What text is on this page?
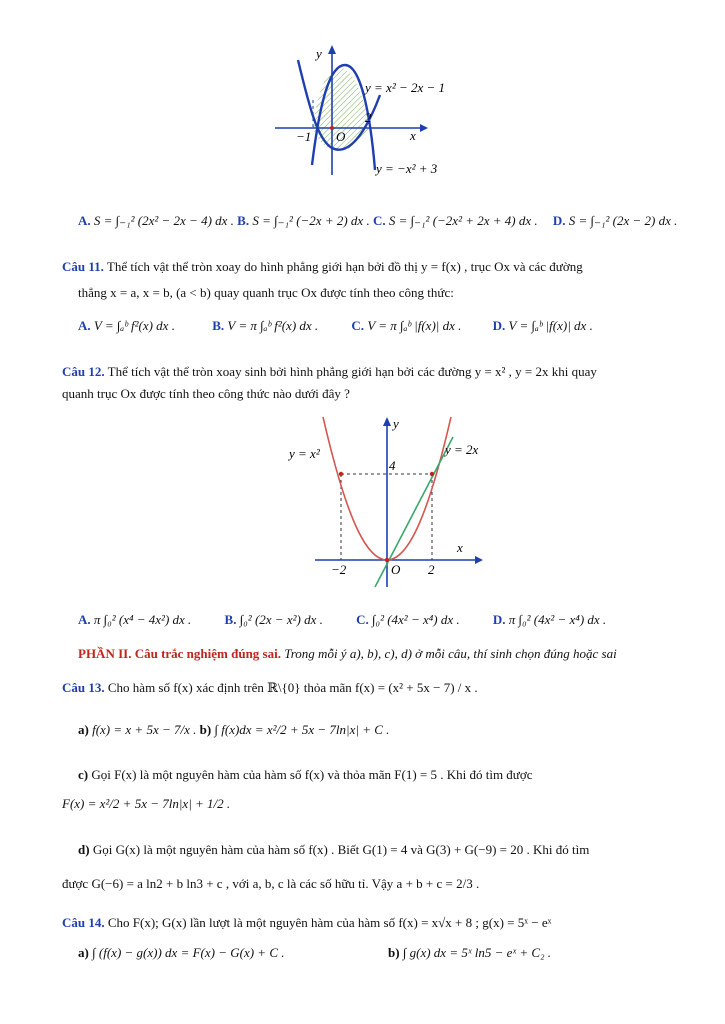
y
x
O
−1
2
y = x² − 2x − 1
y = −x² + 3
A. S = ∫₋₁² (2x² − 2x − 4) dx . B. S = ∫₋₁² (−2x + 2) dx . C. S = ∫₋₁² (−2x² + 2x + 4) dx . D. S = ∫₋₁² (2x − 2) dx .
Câu 11. Thể tích vật thể tròn xoay do hình phẳng giới hạn bởi đồ thị y = f(x) , trục Ox và các đường
thẳng x = a, x = b, (a < b) quay quanh trục Ox được tính theo công thức:
A. V = ∫ₐᵇ f²(x) dx .	B. V = π ∫ₐᵇ f²(x) dx .	C. V = π ∫ₐᵇ |f(x)| dx . D. V = ∫ₐᵇ |f(x)| dx .
Câu 12. Thể tích vật thể tròn xoay sinh bởi hình phẳng giới hạn bởi các đường y = x² , y = 2x khi quay
quanh trục Ox được tính theo công thức nào dưới đây ?
y
x
O
4
−2	2
y = x²	y = 2x
A. π ∫₀² (x⁴ − 4x²) dx .	B. ∫₀² (2x − x²) dx .	C. ∫₀² (4x² − x⁴) dx .	D. π ∫₀² (4x² − x⁴) dx .
PHẦN II. Câu trắc nghiệm đúng sai. Trong mỗi ý a), b), c), d) ở mỗi câu, thí sinh chọn đúng hoặc sai
Câu 13. Cho hàm số f(x) xác định trên ℝ\{0} thỏa mãn f(x) = (x² + 5x − 7) / x .
a) f(x) = x + 5x − 7/x . b) ∫ f(x)dx = x²/2 + 5x − 7ln|x| + C .
c) Gọi F(x) là một nguyên hàm của hàm số f(x) và thỏa mãn F(1) = 5 . Khi đó tìm được
F(x) = x²/2 + 5x − 7ln|x| + 1/2 .
d) Gọi G(x) là một nguyên hàm của hàm số f(x) . Biết G(1) = 4 và G(3) + G(−9) = 20 . Khi đó tìm
được G(−6) = a ln2 + b ln3 + c , với a, b, c là các số hữu tỉ. Vậy a + b + c = 2/3 .
Câu 14. Cho F(x); G(x) lần lượt là một nguyên hàm của hàm số f(x) = x√x + 8 ; g(x) = 5ˣ − eˣ
a) ∫ (f(x) − g(x)) dx = F(x) − G(x) + C .	b) ∫ g(x) dx = 5ˣ ln5 − eˣ + C₂ .
